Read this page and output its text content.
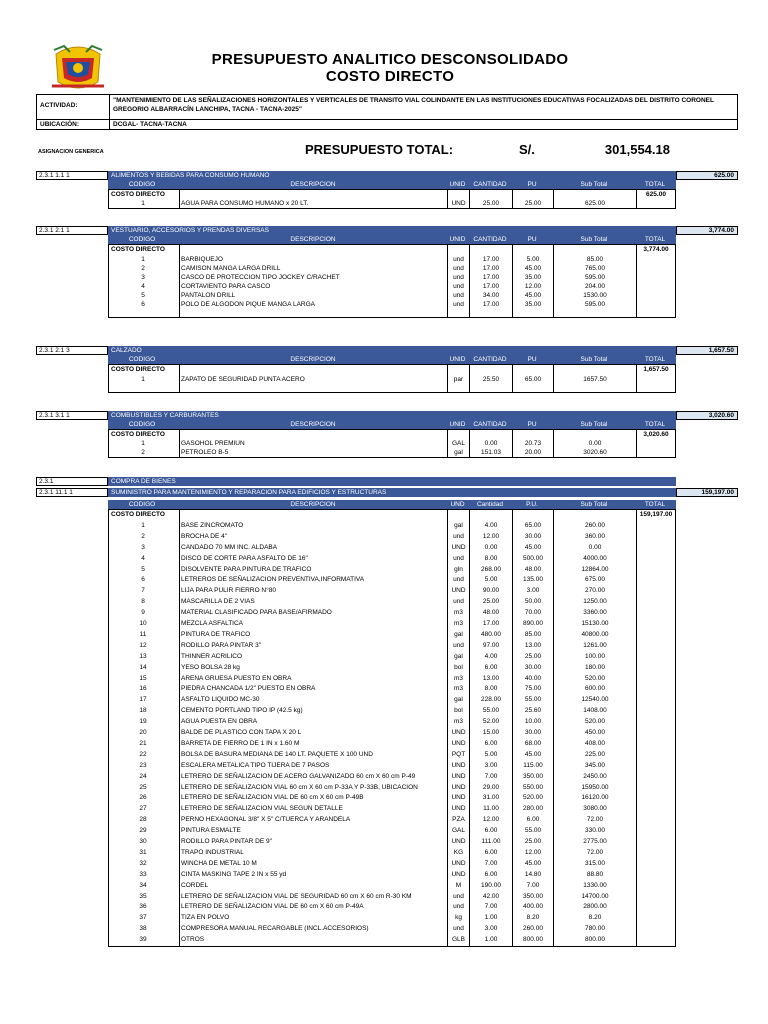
PRESUPUESTO ANALITICO DESCONSOLIDADO
COSTO DIRECTO
ACTIVIDAD:
"MANTENIMIENTO DE LAS SEÑALIZACIONES HORIZONTALES Y VERTICALES DE TRANSITO VIAL COLINDANTE EN LAS INSTITUCIONES EDUCATIVAS FOCALIZADAS DEL DISTRITO CORONEL GREGORIO ALBARRACÍN LANCHIPA, TACNA - TACNA-2025"
UBICACIÓN:	DCGAL- TACNA-TACNA
ASIGNACION GENERICA	PRESUPUESTO TOTAL:	S/.	301,554.18
2.3.1 1.1 1	ALIMENTOS Y BEBIDAS PARA CONSUMO HUMANO	625.00
CODIGO	DESCRIPCION	UNID	CANTIDAD	PU	Sub Total	TOTAL
COSTO DIRECTO	625.00
1	AGUA PARA CONSUMO HUMANO x 20 LT.	UND	25.00	25.00	625.00
2.3.1 2.1 1	VESTUARIO, ACCESORIOS Y PRENDAS DIVERSAS	3,774.00
CODIGO	DESCRIPCION	UNID	CANTIDAD	PU	Sub Total	TOTAL
COSTO DIRECTO	3,774.00
1	BARBIQUEJO	und	17.00	5.00	85.00
2	CAMISON MANGA LARGA DRILL	und	17.00	45.00	765.00
3	CASCO DE PROTECCION TIPO JOCKEY C/RACHET	und	17.00	35.00	595.00
4	CORTAVIENTO PARA CASCO	und	17.00	12.00	204.00
5	PANTALON DRILL	und	34.00	45.00	1530.00
6	POLO DE ALGODON PIQUE MANGA LARGA	und	17.00	35.00	595.00
2.3.1 2.1 3	CALZADO	1,657.50
CODIGO	DESCRIPCION	UNID	CANTIDAD	PU	Sub Total	TOTAL
COSTO DIRECTO	1,657.50
1	ZAPATO DE SEGURIDAD PUNTA ACERO	par	25.50	65.00	1657.50
2.3.1 3.1 1	COMBUSTIBLES Y CARBURANTES	3,020.60
CODIGO	DESCRIPCION	UNID	CANTIDAD	PU	Sub Total	TOTAL
COSTO DIRECTO	3,020.60
1	GASOHOL PREMIUN	GAL	0.00	20.73	0.00
2	PETROLEO B-5	gal	151.03	20.00	3020.60
2.3.1	COMPRA DE BIENES
2.3.1 11.1 1	SUMINISTRO PARA MANTENIMIENTO Y REPARACION PARA EDIFICIOS Y ESTRUCTURAS	159,197.00
CODIGO	DESCRIPCION	UND	Cantidad	P.U.	Sub Total	TOTAL
COSTO DIRECTO	159,197.00
1	BASE ZINCROMATO	gal	4.00	65.00	260.00
2	BROCHA DE 4"	und	12.00	30.00	360.00
3	CANDADO 70 MM INC. ALDABA	UND	0.00	45.00	0.00
4	DISCO DE CORTE PARA ASFALTO DE 16"	und	8.00	500.00	4000.00
5	DISOLVENTE PARA PINTURA DE TRAFICO	gln	268.00	48.00	12864.00
6	LETREROS DE SEÑALIZACION PREVENTIVA,INFORMATIVA	und	5.00	135.00	675.00
7	LIJA PARA PULIR FIERRO N°80	UND	90.00	3.00	270.00
8	MASCARILLA DE 2 VIAS	und	25.00	50.00	1250.00
9	MATERIAL CLASIFICADO PARA BASE/AFIRMADO	m3	48.00	70.00	3360.00
10	MEZCLA ASFALTICA	m3	17.00	890.00	15130.00
11	PINTURA DE TRAFICO	gal	480.00	85.00	40800.00
12	RODILLO PARA PINTAR 3"	und	97.00	13.00	1261.00
13	THINNER ACRILICO	gal	4.00	25.00	100.00
14	YESO BOLSA 28 kg	bol	6.00	30.00	180.00
15	ARENA GRUESA PUESTO EN OBRA	m3	13.00	40.00	520.00
16	PIEDRA CHANCADA 1/2" PUESTO EN OBRA	m3	8.00	75.00	600.00
17	ASFALTO LIQUIDO MC-30	gal	228.00	55.00	12540.00
18	CEMENTO PORTLAND TIPO IP (42.5 kg)	bol	55.00	25.60	1408.00
19	AGUA PUESTA EN OBRA	m3	52.00	10.00	520.00
20	BALDE DE PLASTICO CON TAPA X 20 L	UND	15.00	30.00	450.00
21	BARRETA DE FIERRO DE 1 IN x 1.60 M	UND	6.00	68.00	408.00
22	BOLSA DE BASURA MEDIANA DE 140 LT. PAQUETE X 100 UND	PQT	5.00	45.00	225.00
23	ESCALERA METALICA TIPO TIJERA DE 7 PASOS	UND	3.00	115.00	345.00
24	LETRERO DE SEÑALIZACION DE ACERO GALVANIZADO 60 cm X 60 cm P-49	UND	7.00	350.00	2450.00
25	LETRERO DE SEÑALIZACION VIAL 60 cm X 60 cm P-33A Y P-33B, UBICACION	UND	29.00	550.00	15950.00
26	LETRERO DE SEÑALIZACION VIAL DE 60 cm X 60 cm P-49B	UND	31.00	520.00	16120.00
27	LETRERO DE SEÑALIZACION VIAL SEGUN DETALLE	UND	11.00	280.00	3080.00
28	PERNO HEXAGONAL 3/8" X 5" C/TUERCA Y ARANDELA	PZA	12.00	6.00	72.00
29	PINTURA ESMALTE	GAL	6.00	55.00	330.00
30	RODILLO PARA PINTAR DE 9"	UND	111.00	25.00	2775.00
31	TRAPO INDUSTRIAL	KG	6.00	12.00	72.00
32	WINCHA DE METAL 10 M	UND	7.00	45.00	315.00
33	CINTA MASKING TAPE 2 IN x 55 yd	UND	6.00	14.80	88.80
34	CORDEL	M	190.00	7.00	1330.00
35	LETRERO DE SEÑALIZACION VIAL DE SEGURIDAD 60 cm X 60 cm R-30 KM	und	42.00	350.00	14700.00
36	LETRERO DE SEÑALIZACION VIAL DE 60 cm X 60 cm P-49A	und	7.00	400.00	2800.00
37	TIZA EN POLVO	kg	1.00	8.20	8.20
38	COMPRESORA MANUAL RECARGABLE (INCL.ACCESORIOS)	und	3.00	260.00	780.00
39	OTROS	GLB	1.00	800.00	800.00
